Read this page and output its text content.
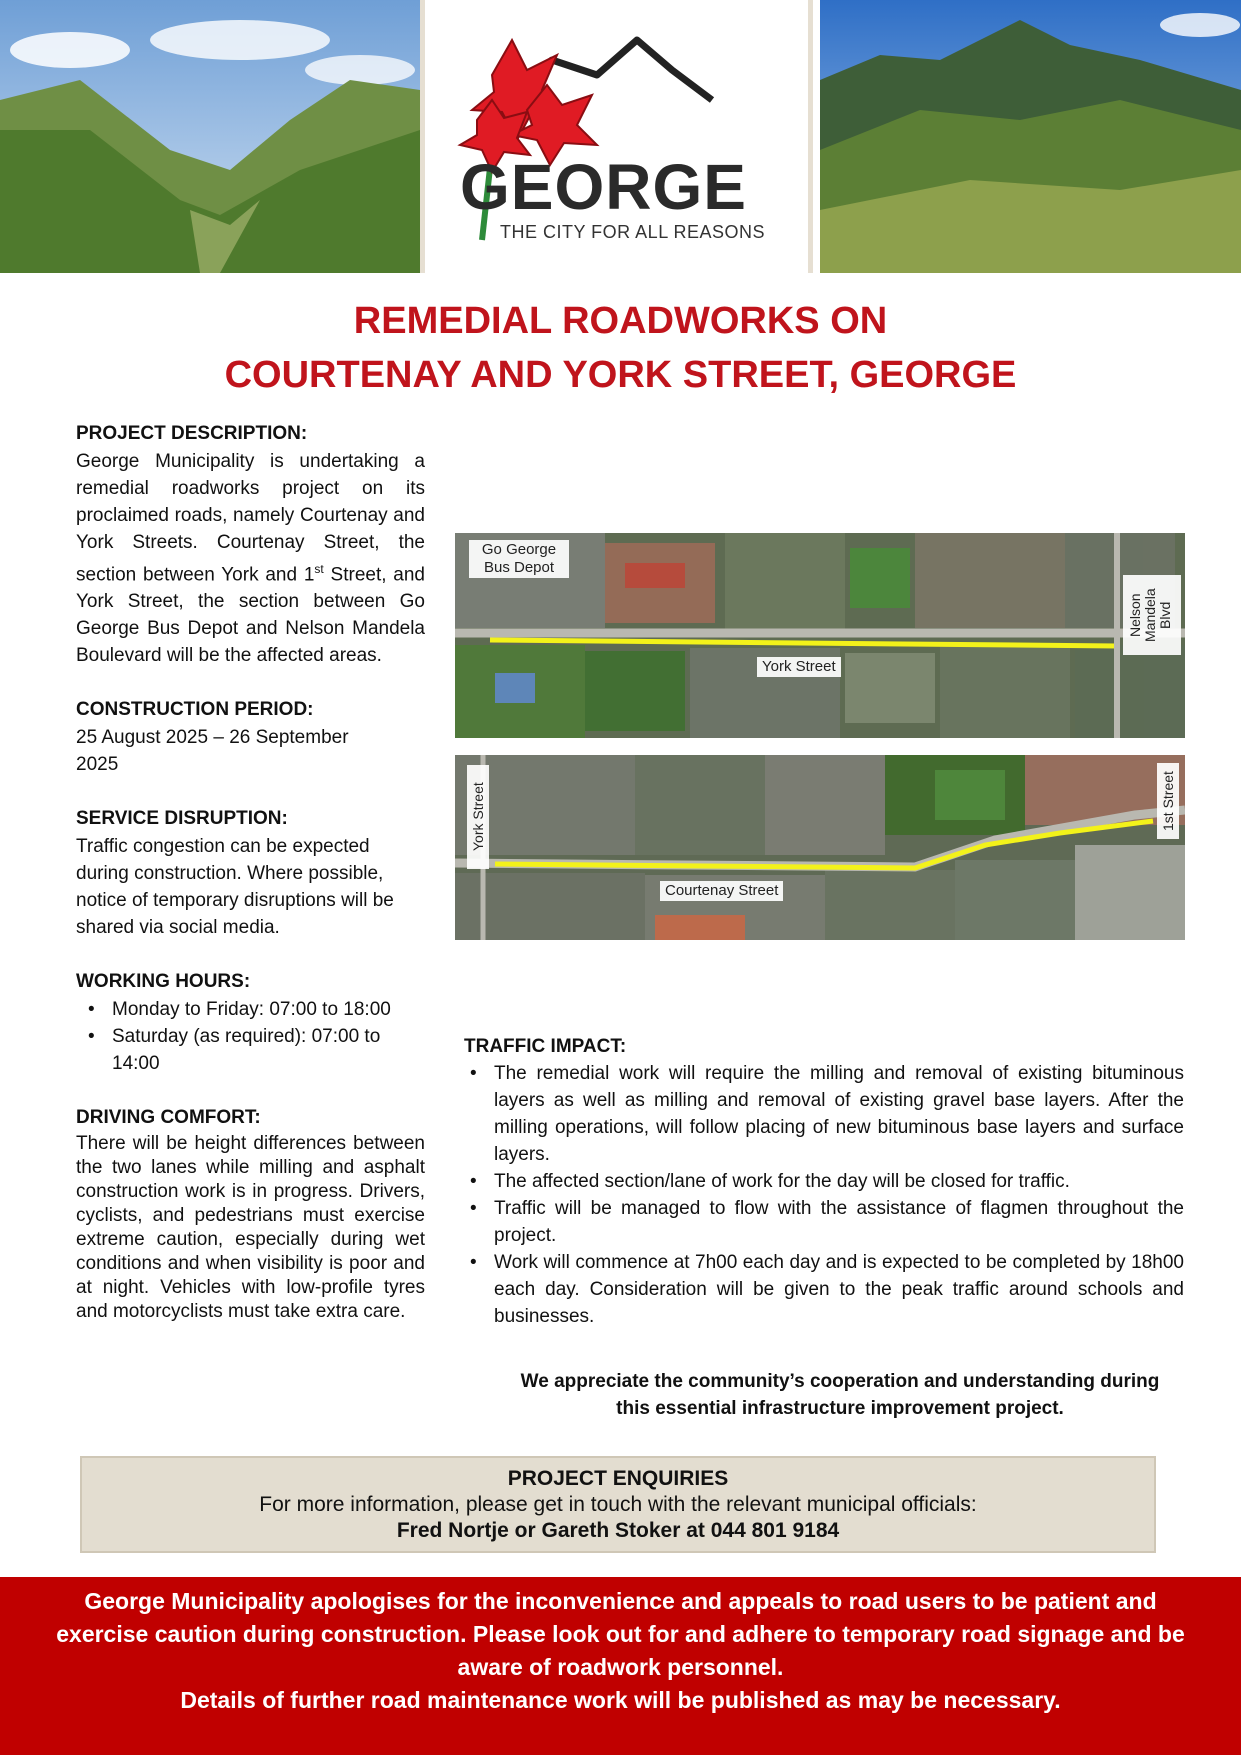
GEORGE
THE CITY FOR ALL REASONS
REMEDIAL ROADWORKS ON
COURTENAY AND YORK STREET, GEORGE
PROJECT DESCRIPTION:
George Municipality is undertaking a remedial roadworks project on its proclaimed roads, namely Courtenay and York Streets. Courtenay Street, the section between York and 1st Street, and York Street, the section between Go George Bus Depot and Nelson Mandela Boulevard will be the affected areas.
CONSTRUCTION PERIOD:
25 August 2025 – 26 September 2025
SERVICE DISRUPTION:
Traffic congestion can be expected during construction. Where possible, notice of temporary disruptions will be shared via social media.
WORKING HOURS:
• Monday to Friday: 07:00 to 18:00
• Saturday (as required): 07:00 to 14:00
DRIVING COMFORT:
There will be height differences between the two lanes while milling and asphalt construction work is in progress. Drivers, cyclists, and pedestrians must exercise extreme caution, especially during wet conditions and when visibility is poor and at night. Vehicles with low-profile tyres and motorcyclists must take extra care.
Go George Bus Depot
York Street
Nelson Mandela Blvd
York Street
Courtenay Street
1st Street
TRAFFIC IMPACT:
• The remedial work will require the milling and removal of existing bituminous layers as well as milling and removal of existing gravel base layers. After the milling operations, will follow placing of new bituminous base layers and surface layers.
• The affected section/lane of work for the day will be closed for traffic.
• Traffic will be managed to flow with the assistance of flagmen throughout the project.
• Work will commence at 7h00 each day and is expected to be completed by 18h00 each day. Consideration will be given to the peak traffic around schools and businesses.
We appreciate the community’s cooperation and understanding during this essential infrastructure improvement project.
PROJECT ENQUIRIES
For more information, please get in touch with the relevant municipal officials:
Fred Nortje or Gareth Stoker at 044 801 9184
George Municipality apologises for the inconvenience and appeals to road users to be patient and exercise caution during construction. Please look out for and adhere to temporary road signage and be aware of roadwork personnel.
Details of further road maintenance work will be published as may be necessary.
